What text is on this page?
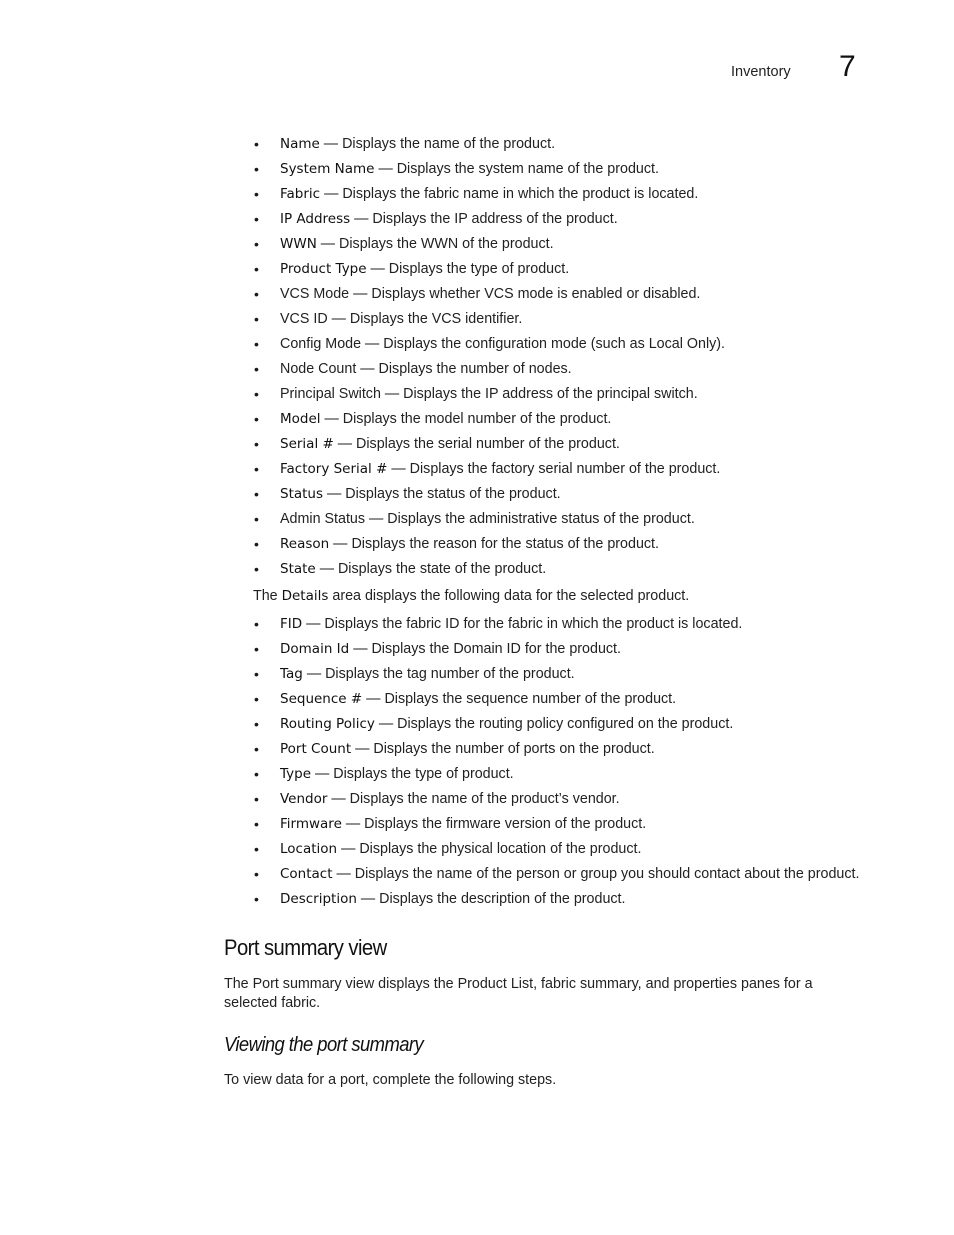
Inventory 7
• Name — Displays the name of the product.
• System Name — Displays the system name of the product.
• Fabric — Displays the fabric name in which the product is located.
• IP Address — Displays the IP address of the product.
• WWN — Displays the WWN of the product.
• Product Type — Displays the type of product.
• VCS Mode — Displays whether VCS mode is enabled or disabled.
• VCS ID — Displays the VCS identifier.
• Config Mode — Displays the configuration mode (such as Local Only).
• Node Count — Displays the number of nodes.
• Principal Switch — Displays the IP address of the principal switch.
• Model — Displays the model number of the product.
• Serial # — Displays the serial number of the product.
• Factory Serial # — Displays the factory serial number of the product.
• Status — Displays the status of the product.
• Admin Status — Displays the administrative status of the product.
• Reason — Displays the reason for the status of the product.
• State — Displays the state of the product.
The Details area displays the following data for the selected product.
• FID — Displays the fabric ID for the fabric in which the product is located.
• Domain Id — Displays the Domain ID for the product.
• Tag — Displays the tag number of the product.
• Sequence # — Displays the sequence number of the product.
• Routing Policy — Displays the routing policy configured on the product.
• Port Count — Displays the number of ports on the product.
• Type — Displays the type of product.
• Vendor — Displays the name of the product’s vendor.
• Firmware — Displays the firmware version of the product.
• Location — Displays the physical location of the product.
• Contact — Displays the name of the person or group you should contact about the product.
• Description — Displays the description of the product.
Port summary view
The Port summary view displays the Product List, fabric summary, and properties panes for a selected fabric.
Viewing the port summary
To view data for a port, complete the following steps.
